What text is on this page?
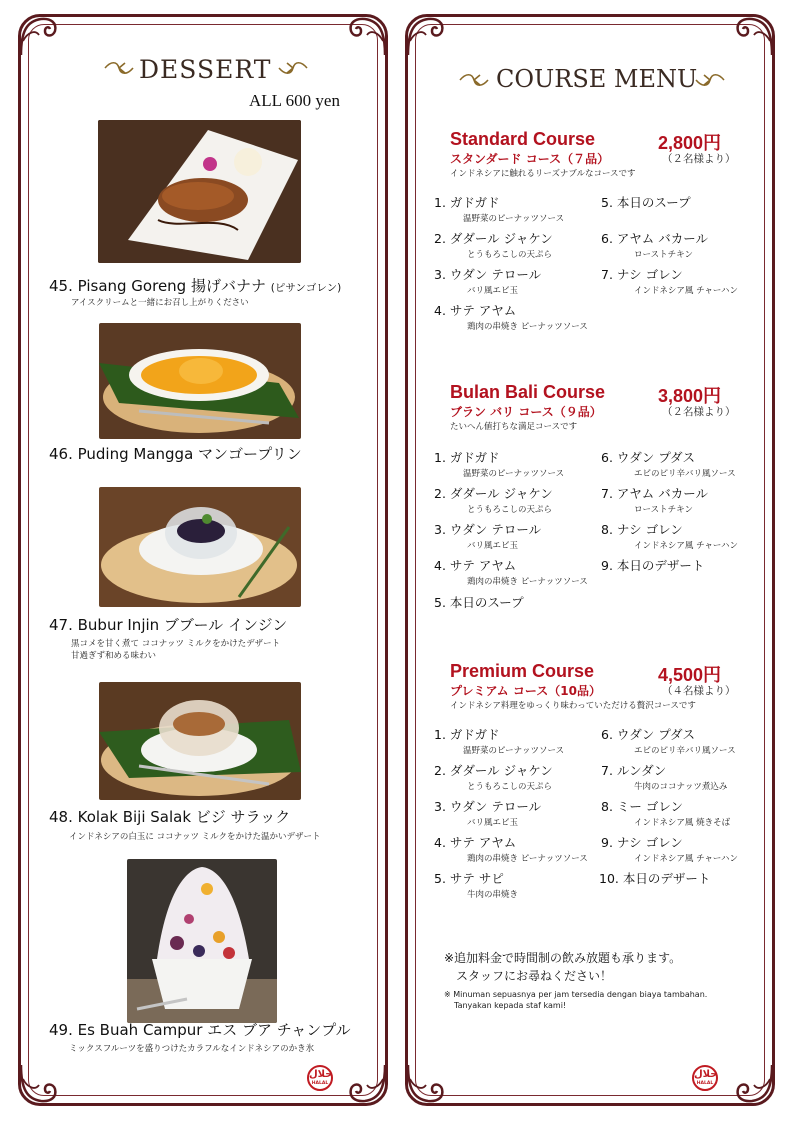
DESSERT
ALL 600 yen
45. Pisang Goreng 揚げバナナ (ピサンゴレン)
アイスクリームと一緒にお召し上がりください
46. Puding Mangga マンゴープリン
47. Bubur Injin ブブール インジン
黒コメを甘く煮て ココナッツ ミルクをかけたデザート
甘過ぎず和める味わい
48. Kolak Biji Salak ビジ サラック
インドネシアの白玉に ココナッツ ミルクをかけた温かいデザート
49. Es Buah Campur エス ブア チャンプル
ミックスフルーツを盛りつけたカラフルなインドネシアのかき氷
حلال
HALAL
COURSE MENU
Standard Course	2,800円
スタンダード コース（７品）	（２名様より）
インドネシアに触れるリーズナブルなコースです
1. ガドガド
温野菜のピーナッツソース
2. ダダール ジャケン
とうもろこしの天ぷら
3. ウダン テロール
バリ風エビ玉
4. サテ アヤム
鶏肉の串焼き ピーナッツソース
5. 本日のスープ
6. アヤム バカール
ローストチキン
7. ナシ ゴレン
インドネシア風 チャーハン
Bulan Bali Course	3,800円
ブラン バリ コース（９品）	（２名様より）
たいへん値打ちな満足コースです
1. ガドガド
温野菜のピーナッツソース
2. ダダール ジャケン
とうもろこしの天ぷら
3. ウダン テロール
バリ風エビ玉
4. サテ アヤム
鶏肉の串焼き ピーナッツソース
5. 本日のスープ
6. ウダン プダス
エビのピリ辛バリ風ソース
7. アヤム バカール
ローストチキン
8. ナシ ゴレン
インドネシア風 チャーハン
9. 本日のデザート
Premium Course	4,500円
プレミアム コース（10品）	（４名様より）
インドネシア料理をゆっくり味わっていただける贅沢コースです
1. ガドガド
温野菜のピーナッツソース
2. ダダール ジャケン
とうもろこしの天ぷら
3. ウダン テロール
バリ風エビ玉
4. サテ アヤム
鶏肉の串焼き ピーナッツソース
5. サテ サピ
牛肉の串焼き
6. ウダン プダス
エビのピリ辛バリ風ソース
7. ルンダン
牛肉のココナッツ煮込み
8. ミー ゴレン
インドネシア風 焼きそば
9. ナシ ゴレン
インドネシア風 チャーハン
10. 本日のデザート
※追加料金で時間制の飲み放題も承ります。
スタッフにお尋ねください！
※ Minuman sepuasnya per jam tersedia dengan biaya tambahan.
Tanyakan kepada staf kami!
حلال
HALAL
